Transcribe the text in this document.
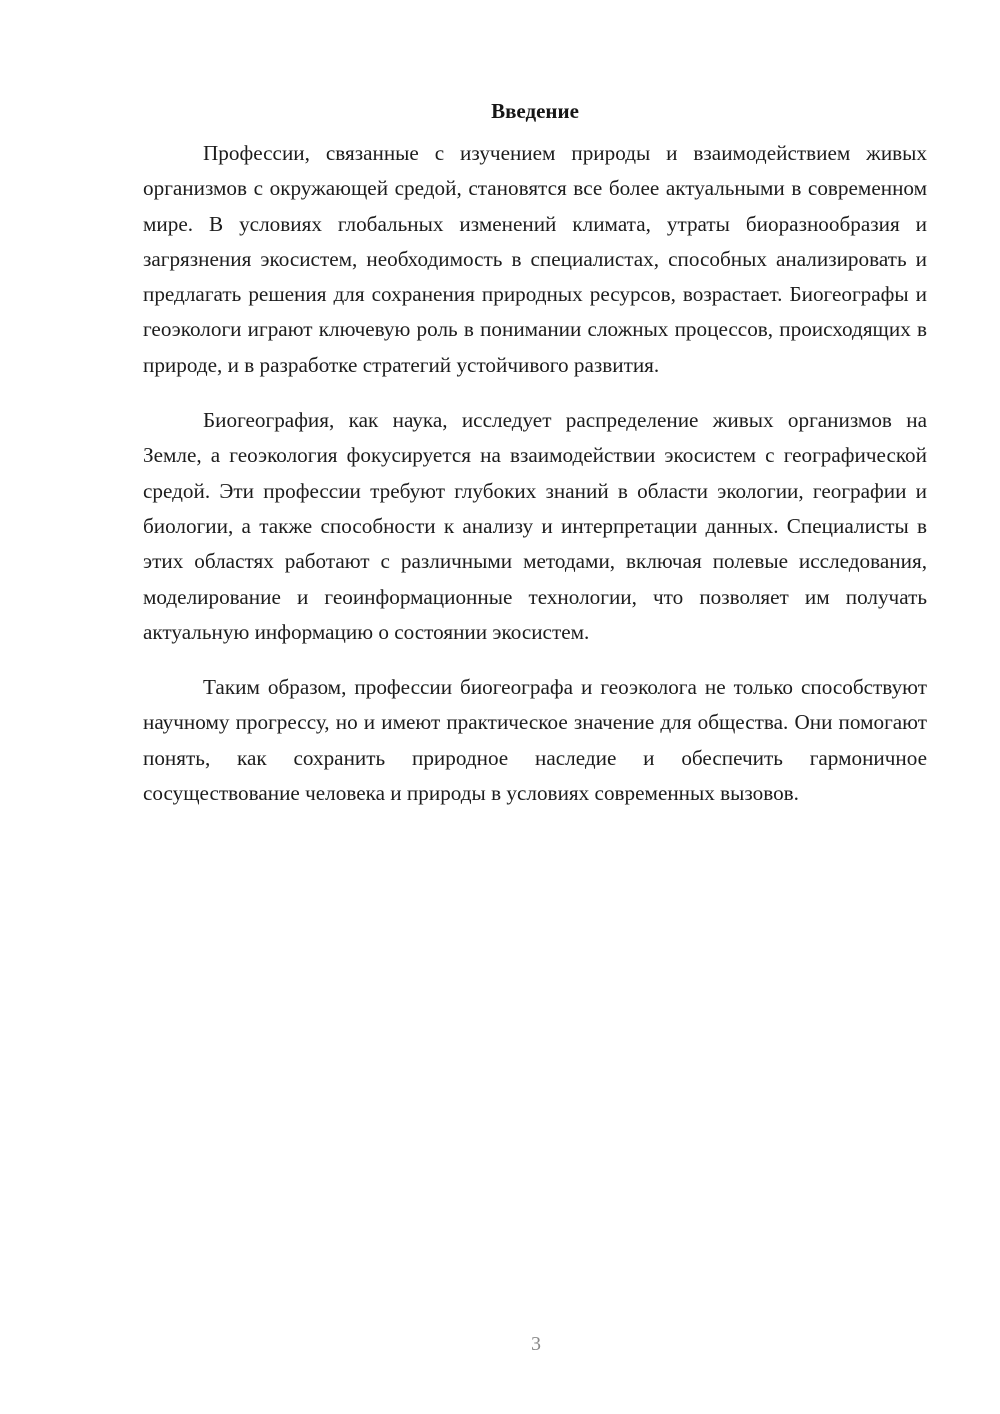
Введение

Профессии, связанные с изучением природы и взаимодействием живых организмов с окружающей средой, становятся все более актуальными в современном мире. В условиях глобальных изменений климата, утраты биоразнообразия и загрязнения экосистем, необходимость в специалистах, способных анализировать и предлагать решения для сохранения природных ресурсов, возрастает. Биогеографы и геоэкологи играют ключевую роль в понимании сложных процессов, происходящих в природе, и в разработке стратегий устойчивого развития.

Биогеография, как наука, исследует распределение живых организмов на Земле, а геоэкология фокусируется на взаимодействии экосистем с географической средой. Эти профессии требуют глубоких знаний в области экологии, географии и биологии, а также способности к анализу и интерпретации данных. Специалисты в этих областях работают с различными методами, включая полевые исследования, моделирование и геоинформационные технологии, что позволяет им получать актуальную информацию о состоянии экосистем.

Таким образом, профессии биогеографа и геоэколога не только способствуют научному прогрессу, но и имеют практическое значение для общества. Они помогают понять, как сохранить природное наследие и обеспечить гармоничное сосуществование человека и природы в условиях современных вызовов.

3
